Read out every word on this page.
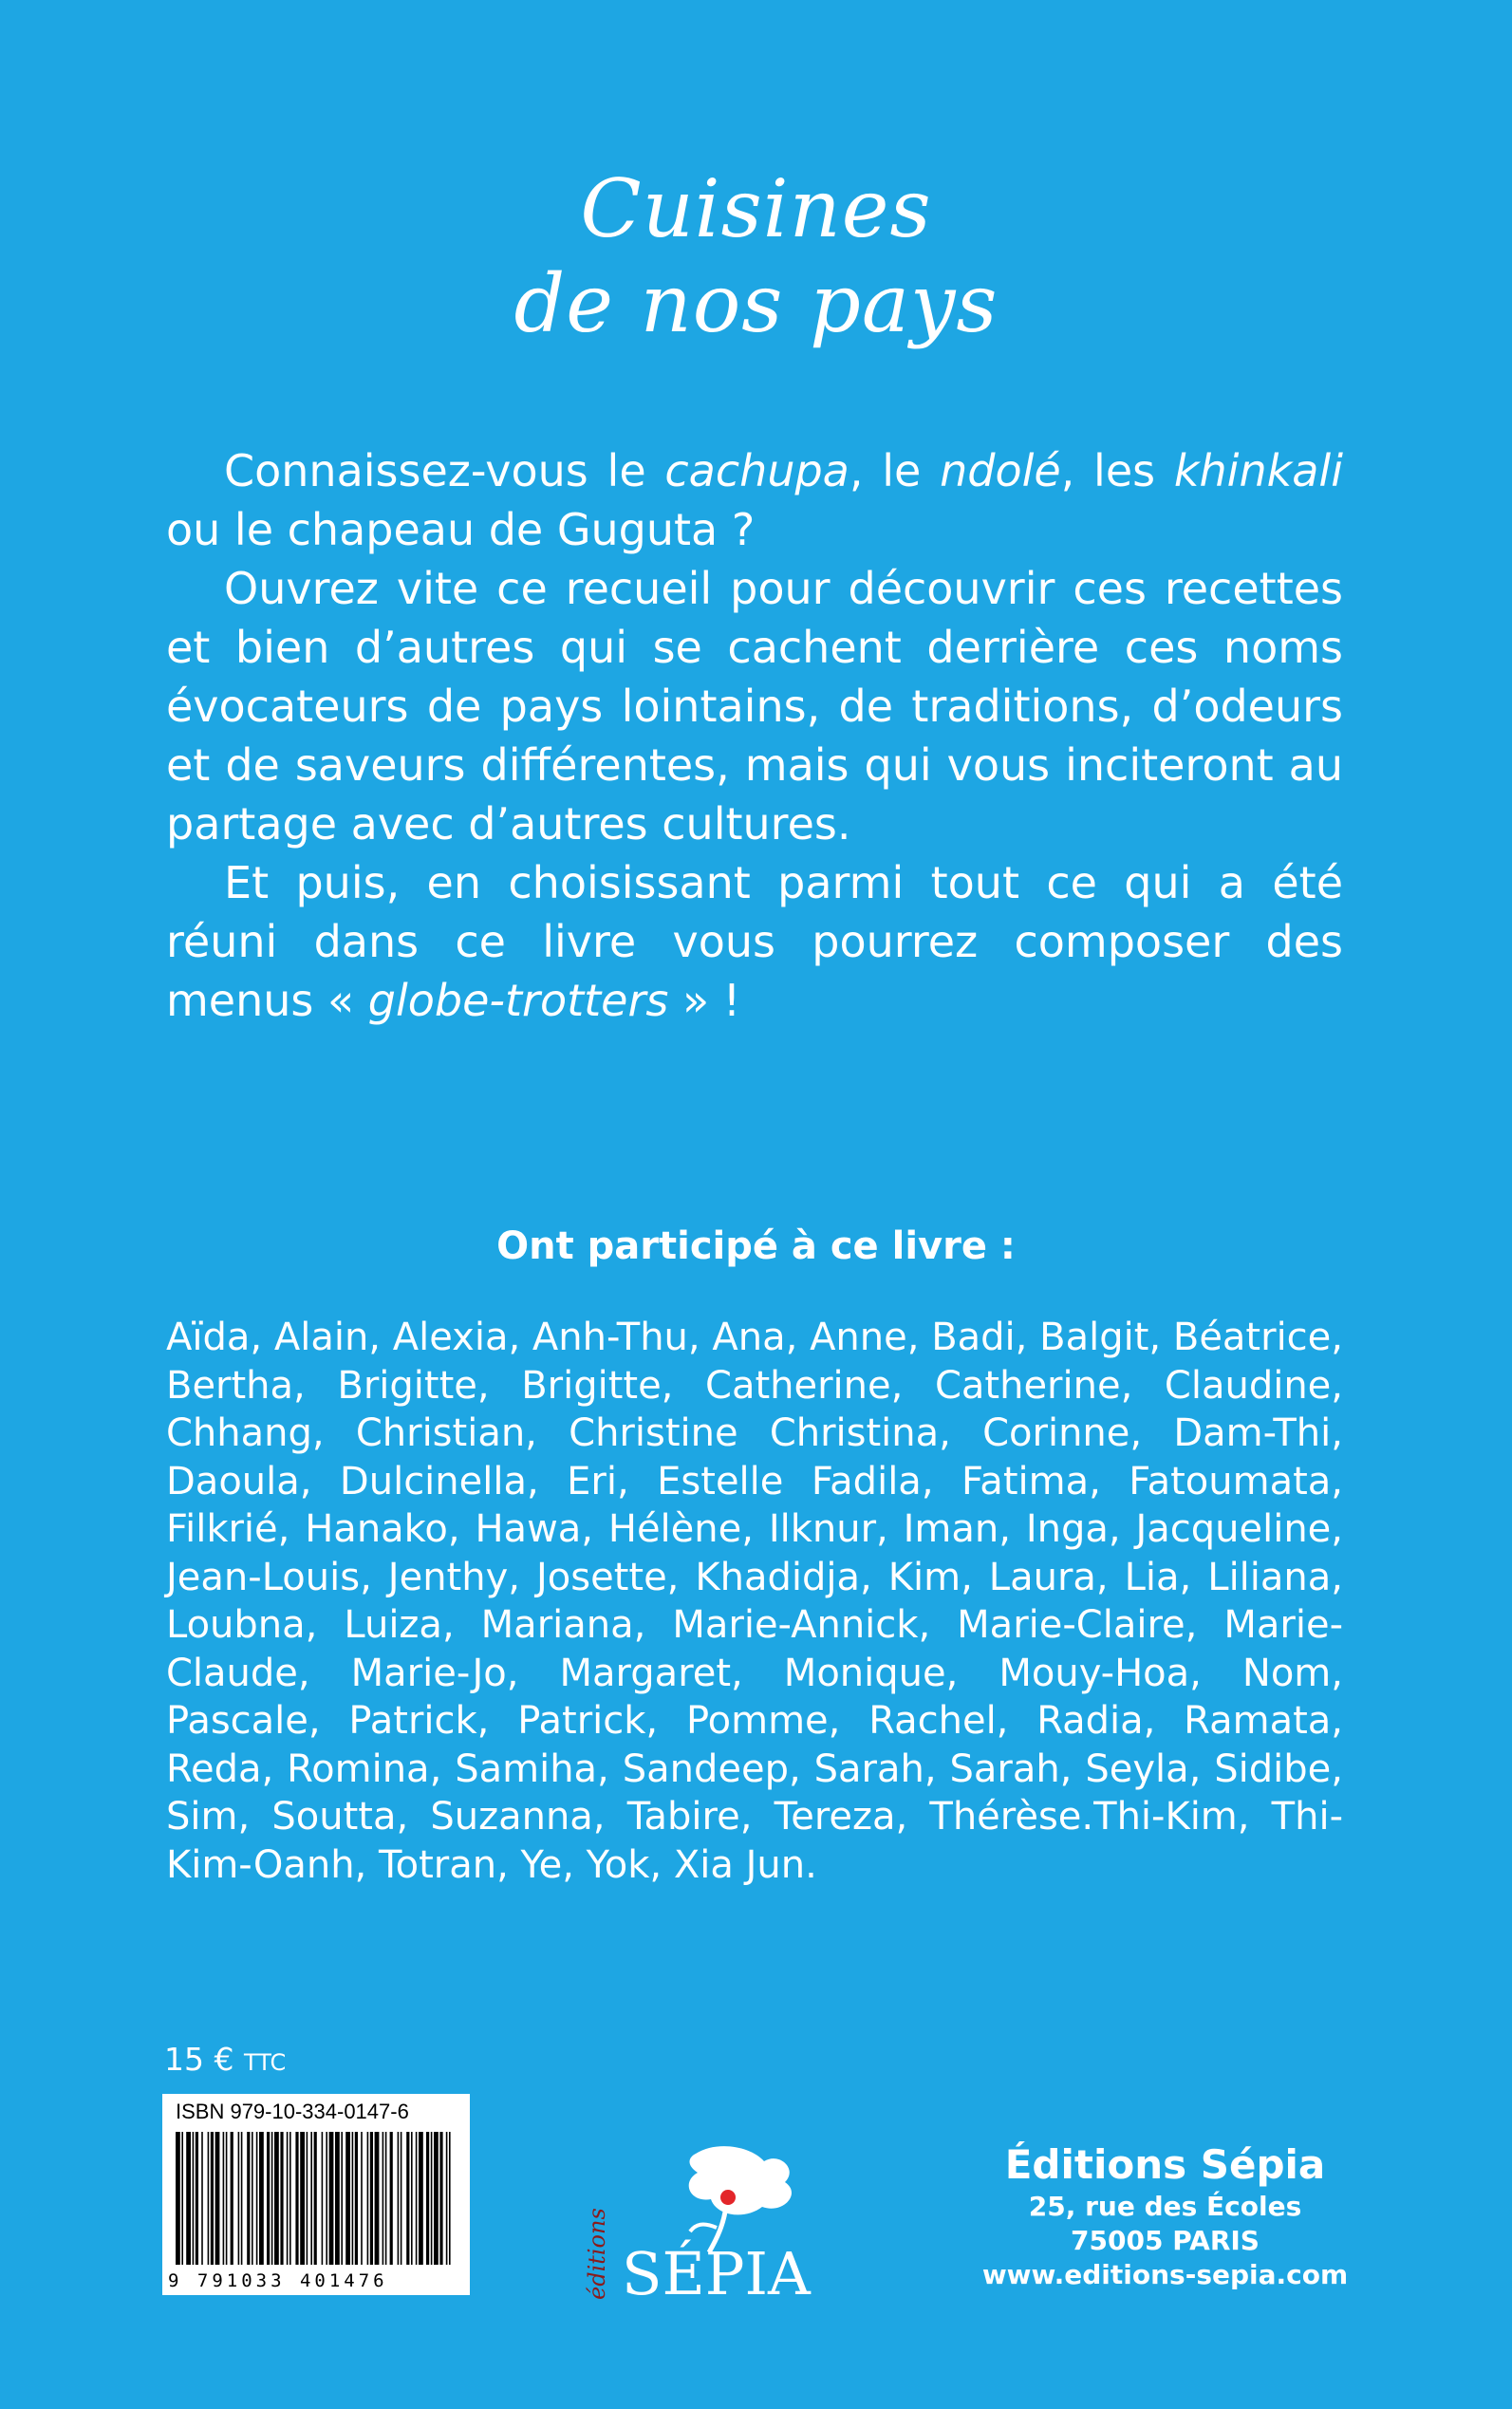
Cuisines
de nos pays

Connaissez-vous le cachupa, le ndolé, les khinkali ou le chapeau de Guguta ?

Ouvrez vite ce recueil pour découvrir ces recettes et bien d’autres qui se cachent derrière ces noms évocateurs de pays lointains, de traditions, d’odeurs et de saveurs différentes, mais qui vous inciteront au partage avec d’autres cultures.

Et puis, en choisissant parmi tout ce qui a été réuni dans ce livre vous pourrez composer des menus « globe-trotters » !

Ont participé à ce livre :
Aïda, Alain, Alexia, Anh-Thu, Ana, Anne, Badi, Balgit, Béatrice, Bertha, Brigitte, Brigitte, Catherine, Catherine, Claudine, Chhang, Christian, Christine Christina, Corinne, Dam-Thi, Daoula, Dulcinella, Eri, Estelle Fadila, Fatima, Fatoumata, Filkrié, Hanako, Hawa, Hélène, Ilknur, Iman, Inga, Jacqueline, Jean-Louis, Jenthy, Josette, Khadidja, Kim, Laura, Lia, Liliana, Loubna, Luiza, Mariana, Marie-Annick, Marie-Claire, Marie-Claude, Marie-Jo, Margaret, Monique, Mouy-Hoa, Nom, Pascale, Patrick, Patrick, Pomme, Rachel, Radia, Ramata, Reda, Romina, Samiha, Sandeep, Sarah, Sarah, Seyla, Sidibe, Sim, Soutta, Suzanna, Tabire, Tereza, Thérèse.Thi-Kim, Thi-Kim-Oanh, Totran, Ye, Yok, Xia Jun.
15 € TTC
ISBN 979-10-334-0147-6
9 791033 401476	éditions SÉPIA
Éditions Sépia
25, rue des Écoles
75005 PARIS
www.editions-sepia.com
